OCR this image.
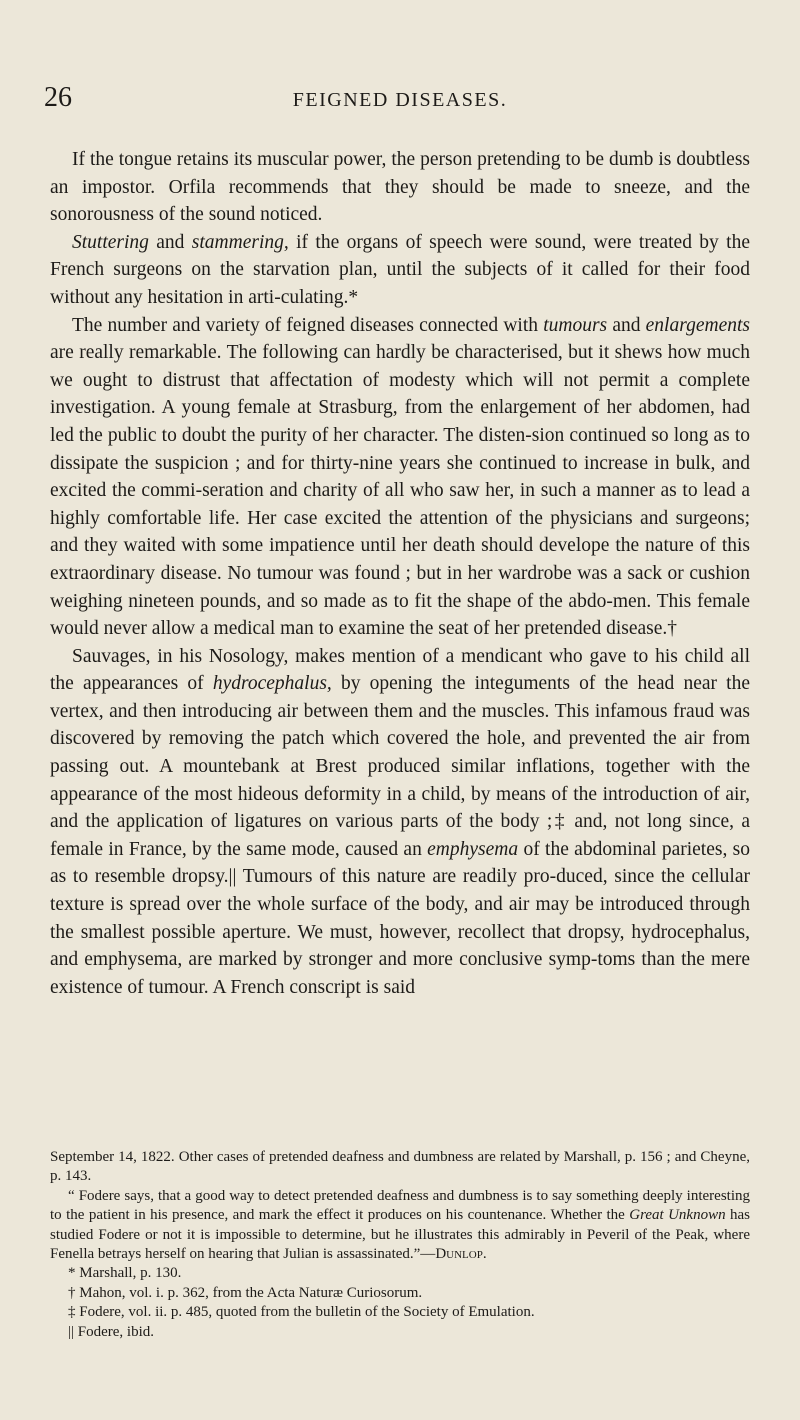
26	FEIGNED DISEASES.

If the tongue retains its muscular power, the person pretending to be dumb is doubtless an impostor. Orfila recommends that they should be made to sneeze, and the sonorousness of the sound noticed.

Stuttering and stammering, if the organs of speech were sound, were treated by the French surgeons on the starvation plan, until the subjects of it called for their food without any hesitation in arti-culating.*

The number and variety of feigned diseases connected with tumours and enlargements are really remarkable. The following can hardly be characterised, but it shews how much we ought to distrust that affectation of modesty which will not permit a complete investigation. A young female at Strasburg, from the enlargement of her abdomen, had led the public to doubt the purity of her character. The disten-sion continued so long as to dissipate the suspicion ; and for thirty-nine years she continued to increase in bulk, and excited the commi-seration and charity of all who saw her, in such a manner as to lead a highly comfortable life. Her case excited the attention of the physicians and surgeons; and they waited with some impatience until her death should develope the nature of this extraordinary disease. No tumour was found ; but in her wardrobe was a sack or cushion weighing nineteen pounds, and so made as to fit the shape of the abdo-men. This female would never allow a medical man to examine the seat of her pretended disease.†

Sauvages, in his Nosology, makes mention of a mendicant who gave to his child all the appearances of hydrocephalus, by opening the integuments of the head near the vertex, and then introducing air between them and the muscles. This infamous fraud was discovered by removing the patch which covered the hole, and prevented the air from passing out. A mountebank at Brest produced similar inflations, together with the appearance of the most hideous deformity in a child, by means of the introduction of air, and the application of ligatures on various parts of the body ;‡ and, not long since, a female in France, by the same mode, caused an emphysema of the abdominal parietes, so as to resemble dropsy.|| Tumours of this nature are readily pro-duced, since the cellular texture is spread over the whole surface of the body, and air may be introduced through the smallest possible aperture. We must, however, recollect that dropsy, hydrocephalus, and emphysema, are marked by stronger and more conclusive symp-toms than the mere existence of tumour. A French conscript is said

September 14, 1822. Other cases of pretended deafness and dumbness are related by Marshall, p. 156 ; and Cheyne, p. 143.

“ Fodere says, that a good way to detect pretended deafness and dumbness is to say something deeply interesting to the patient in his presence, and mark the effect it produces on his countenance. Whether the Great Unknown has studied Fodere or not it is impossible to determine, but he illustrates this admirably in Peveril of the Peak, where Fenella betrays herself on hearing that Julian is assassinated.”—Dunlop.

* Marshall, p. 130.

† Mahon, vol. i. p. 362, from the Acta Naturæ Curiosorum.

‡ Fodere, vol. ii. p. 485, quoted from the bulletin of the Society of Emulation.

|| Fodere, ibid.
